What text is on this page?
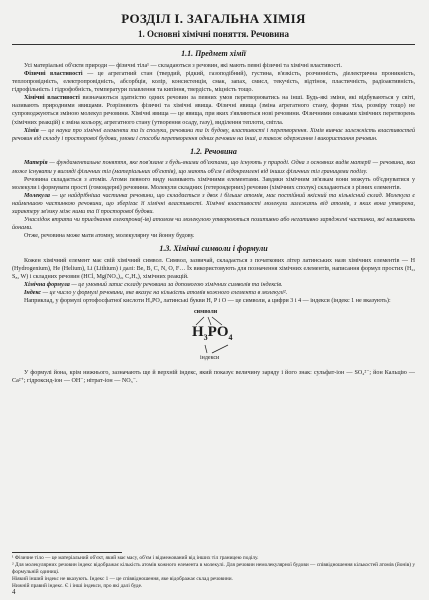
РОЗДІЛ І. ЗАГАЛЬНА ХІМІЯ
1. Основні хімічні поняття. Речовина
1.1. Предмет хімії

Усі матеріальні об'єкти природи — фізичні тіла¹ — складаються з речовин, які мають певні фізичні та хімічні властивості.

Фізичні властивості — це агрегатний стан (твердий, рідкий, газоподібний), густина, в'язкість, розчинність, діелектрична проникність, теплопровідність, електропровідність, абсорбція, колір, консистенція, смак, запах, смисл, текучість, відтінок, пластичність, радіоактивність, гідрофільність і гідрофобність, температури плавлення та кипіння, твердість, міцність тощо.

Хімічні властивості визначаються здатністю одних речовин за певних умов перетворюватись на інші. Будь-які зміни, які відбуваються у світі, називають природними явищами. Розрізняють фізичні та хімічні явища. Фізичні явища (зміна агрегатного стану, форми тіла, розміру тощо) не супроводжуються зміною молекул речовини. Хімічні явища — це явища, при яких з'являються нові речовини. Фізичними ознаками хімічних перетворень (хімічних реакцій) є зміна кольору, агрегатного стану (утворення осаду, газу), виділення теплоти, світла.

Хімія — це наука про хімічні елементи та їх сполуки, речовини та їх будову, властивості і перетворення. Хімія вивчає залежність властивостей речовин від складу і просторової будови, умови і способи перетворення одних речовин на інші, а також одержання і використання речовин.

1.2. Речовина

Матерія — фундаментальне поняття, яке пов'язане з будь-якими об'єктами, що існують у природі. Одна з основних видів матерії — речовина, яка може існувати у вигляді фізичних тіл (матеріальних об'єктів), що мають об'єм і відокремлені від інших фізичних тіл границями поділу.

Речовина складається з атомів. Атоми певного виду називають хімічними елементами. Завдяки хімічним зв'язкам вони можуть об'єднуватися у молекули і формувати прості (гомоядерні) речовини. Молекули складних (гетероядерних) речовин (хімічних сполук) складаються з різних елементів.

Молекула — це найдрібніша частинка речовини, що складається з двох і більше атомів, має постійний якісний та кількісний склад. Молекула є найменшою частинкою речовини, що зберігає її хімічні властивості. Хімічні властивості молекули залежать від атомів, з яких вона утворена, характеру зв'язку між ними та її просторової будови.

Унаслідок втрати чи приєднання електрона(-ів) атомом чи молекулою утворюються позитивно або негативно заряджені частинки, які називають йонами.

Отже, речовина може мати атомну, молекулярну чи йонну будову.

1.3. Хімічні символи і формули

Кожен хімічний елемент має свій хімічний символ. Символ, зазвичай, складається з початкових літер латинських назв хімічних елементів — H (Hydrogenium), He (Helium), Li (Lithium) і далі: Be, B, C, N, O, F… Їх використовують для позначення хімічних елементів, написання формул простих (H₂, S₈, W) і складних речовин (HCl, Mg(NO₃)₂, C₂H₅), хімічних реакцій.

Хімічна формула — це умовний запис складу речовини за допомогою хімічних символів та індексів.

Індекс — це число у формулі речовини, яке вказує на кількість атомів кожного елемента в молекулі².

Наприклад, у формулі ортофосфатної кислоти H₃PO₄ латинські букви H, P і O — це символи, а цифри 3 і 4 — індекси (індекс 1 не вказують):

символи
$H_3PO_4$
індекси

У формулі йона, крім нижнього, зазначають ще й верхній індекс, який показує величину заряду і його знак: сульфат-іон — SO₄²⁻; йон Кальцію — Ca²⁺; гідроксид-іон — OH⁻; нітрат-іон — NO₃⁻.

¹ Фізичне тіло — це матеріальний об'єкт, який має масу, об'єм і відмежований від інших тіл границею поділу.

² Для молекулярних речовин індекс відображає кількість атомів кожного елемента в молекулі. Для речовин немолекулярної будови — співвідношення кількостей атомів (йонів) у формульній одиниці.

Ніякий інший індекс не вказують. Індекс 1 — це співвідношення, яке відображає склад речовини.

Нижній правий індекс. Є і інші індекси, про які далі буде.

4
